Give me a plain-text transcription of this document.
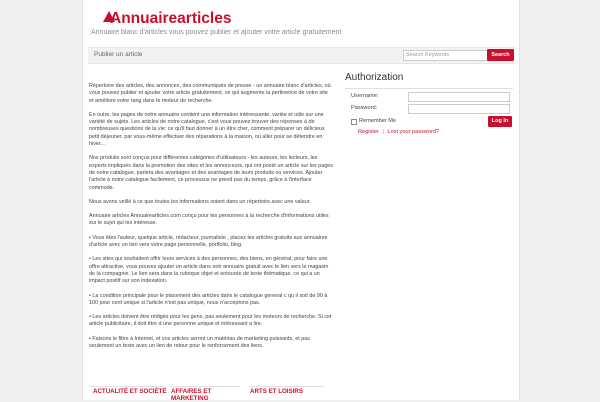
Annuairearticles
Annuaire blanc d'articles vous pouvez publier et ajouter votre article gratuitement
Publier un article	Search Keywords	Search

Répertoire des articles, des annonces, des communiqués de presse - un annuaire blanc d'articles, où vous pouvez publier et ajouter votre article gratuitement, ce qui augmente la pertinence de votre site et améliore votre rang dans le moteur de recherche.

En outre, les pages de notre annuaire contient une information intéressante, variée et utile sur une variété de sujets. Les articles de notre catalogue, c'est vous pouvez trouver des réponses à de nombreuses questions de la vie: ce qu'il faut donner à un être cher, comment préparer un délicieux petit déjeuner, par vous-même effectuer des réparations à la maison, où aller pour se détendre en hiver...

Nos produits sont conçus pour différentes catégories d'utilisateurs - les auteurs, les lecteurs, les experts impliqués dans la promotion des sites et les annonceurs, qui ont posté un article sur les pages de notre catalogue, parlera des avantages et des avantages de leurs produits ou services. Ajouter l'article à notre catalogue facilement, ce processus ne prend pas du temps, grâce à l'interface commode.

Nous avons veillé à ce que toutes les informations soient dans un répertoire.avec une valeur.

Annuaire articles Annuairearticles.com conçu pour les personnes à la recherche d'informations utiles sur le sujet qui les intéresse.

• Vous êtes l'auteur, quelque article, rédacteur, journaliste , placez les articles gratuits aux annuaires d'article avec un lien vers votre page personnelle, portfolio, blog.

• Les sites qui souhaitent offrir leurs services à des personnes, des biens, en général, pour faire une offre attractive, vous pouvez ajouter un article dans notr annuaire gratuit avec le lien vers le magasin de la compagnie. Le lien sera dans la rubrique objet et entourée de texte thématique, ce qui a un impact positif sur son indexation.

• La condition principale pour le placement des articles dans le catalogue general c qu il soit de 90 à 100 pour cent unique si l'article n'est pas unique, nous n'acceptons pas.

• Les articles doivent être rédigés pour les gens, pas seulement pour les moteurs de recherche. Si cet article publicitaire, il doit être d une personne unique et intéressant a lire.

• Faisons le filtre à Internet, et vos articles seront un matériau de marketing puissants, et pas seulement un texte avec un lien de retour pour le renforcement des liens.

Authorization
Username:
Password:
Remember Me	Log In
Register | Lost your password?
ACTUALITÉ ET SOCIÉTÉ AFFAIRES ET MARKETING
ARTS ET LOISIRS
